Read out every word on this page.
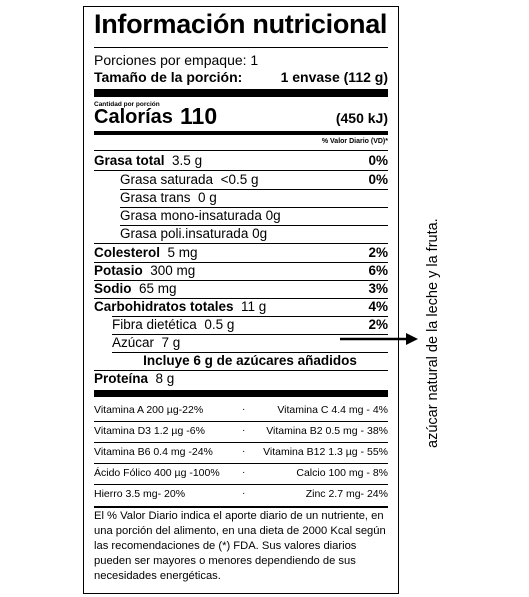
Información nutricional
Porciones por empaque: 1
Tamaño de la porción:	1 envase (112 g)
Cantidad por porción
Calorías 110	(450 kJ)
% Valor Diario (VD)*
Grasa total 3.5 g	0%
Grasa saturada <0.5 g	0%
Grasa trans 0 g
Grasa mono-insaturada 0g
Grasa poli.insaturada 0g
Colesterol 5 mg	2%
Potasio 300 mg	6%
Sodio 65 mg	3%
Carbohidratos totales 11 g	4%
Fibra dietética 0.5 g	2%
Azúcar 7 g
Incluye 6 g de azúcares añadidos
Proteína 8 g
Vitamina A 200 µg-22%	·	Vitamina C 4.4 mg - 4%
Vitamina D3 1.2 µg -6%	· Vitamina B2 0.5 mg - 38%
Vitamina B6 0.4 mg -24%	· Vitamina B12 1.3 µg - 55%
Ácido Fólico 400 µg -100% ·	Calcio 100 mg - 8%
Hierro 3.5 mg- 20%	·	Zinc 2.7 mg- 24%
El % Valor Diario indica el aporte diario de un nutriente, en una porción del alimento, en una dieta de 2000 Kcal según las recomendaciones de (*) FDA. Sus valores diarios pueden ser mayores o menores dependiendo de sus necesidades energéticas.
azúcar natural de la leche y la fruta.
